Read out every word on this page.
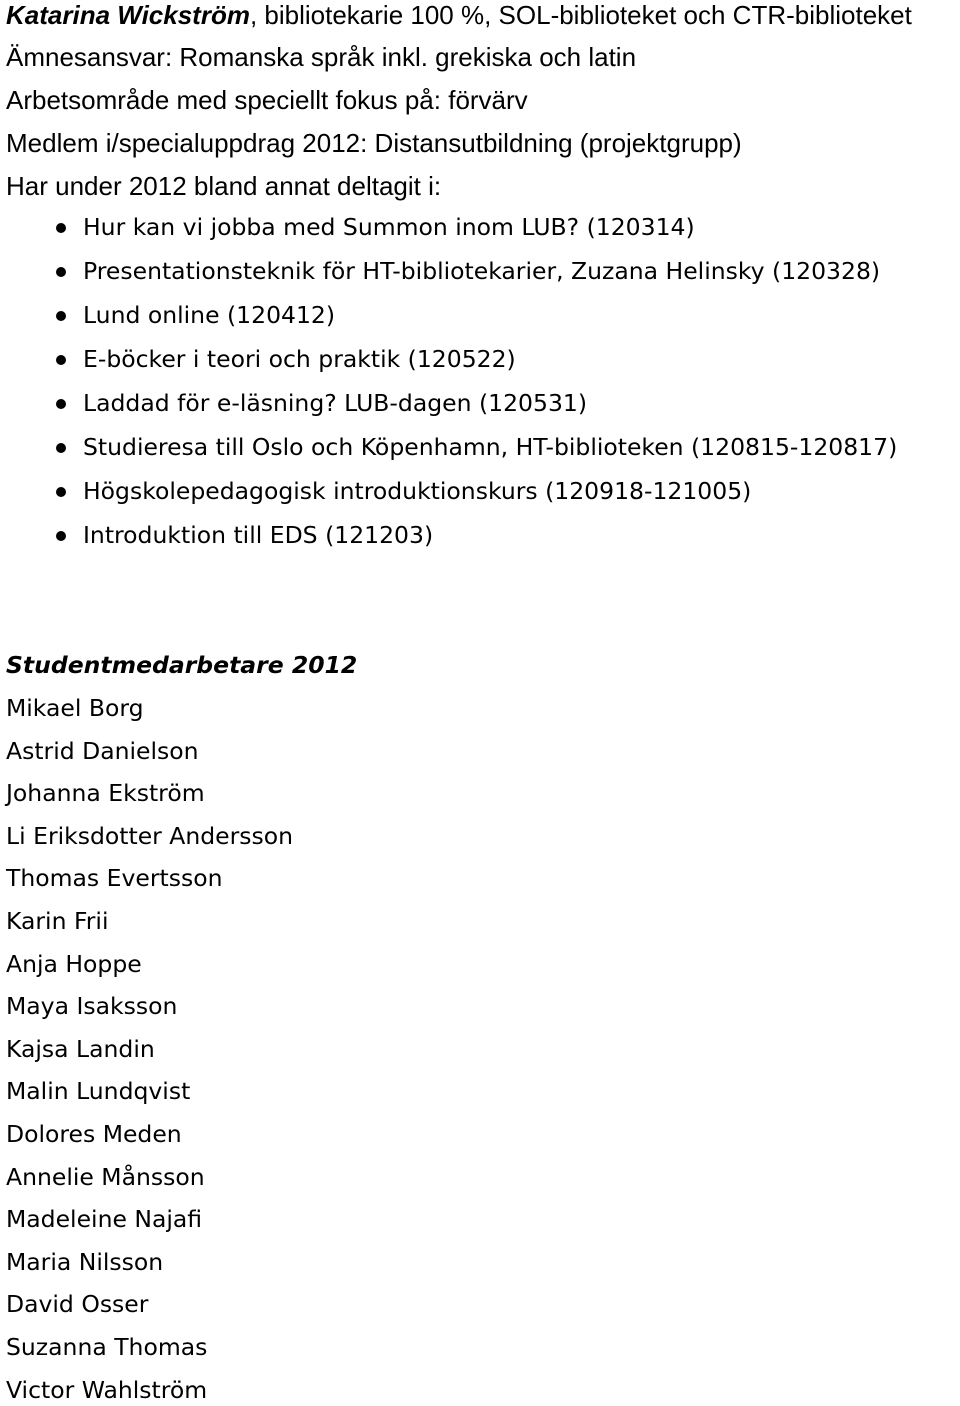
Katarina Wickström, bibliotekarie 100 %, SOL-biblioteket och CTR-biblioteket
Ämnesansvar: Romanska språk inkl. grekiska och latin
Arbetsområde med speciellt fokus på: förvärv
Medlem i/specialuppdrag 2012: Distansutbildning (projektgrupp)
Har under 2012 bland annat deltagit i:
Hur kan vi jobba med Summon inom LUB? (120314)
Presentationsteknik för HT-bibliotekarier, Zuzana Helinsky (120328)
Lund online (120412)
E-böcker i teori och praktik (120522)
Laddad för e-läsning? LUB-dagen (120531)
Studieresa till Oslo och Köpenhamn, HT-biblioteken (120815-120817)
Högskolepedagogisk introduktionskurs (120918-121005)
Introduktion till EDS (121203)
Studentmedarbetare 2012
Mikael Borg
Astrid Danielson
Johanna Ekström
Li Eriksdotter Andersson
Thomas Evertsson
Karin Frii
Anja Hoppe
Maya Isaksson
Kajsa Landin
Malin Lundqvist
Dolores Meden
Annelie Månsson
Madeleine Najafi
Maria Nilsson
David Osser
Suzanna Thomas
Victor Wahlström
